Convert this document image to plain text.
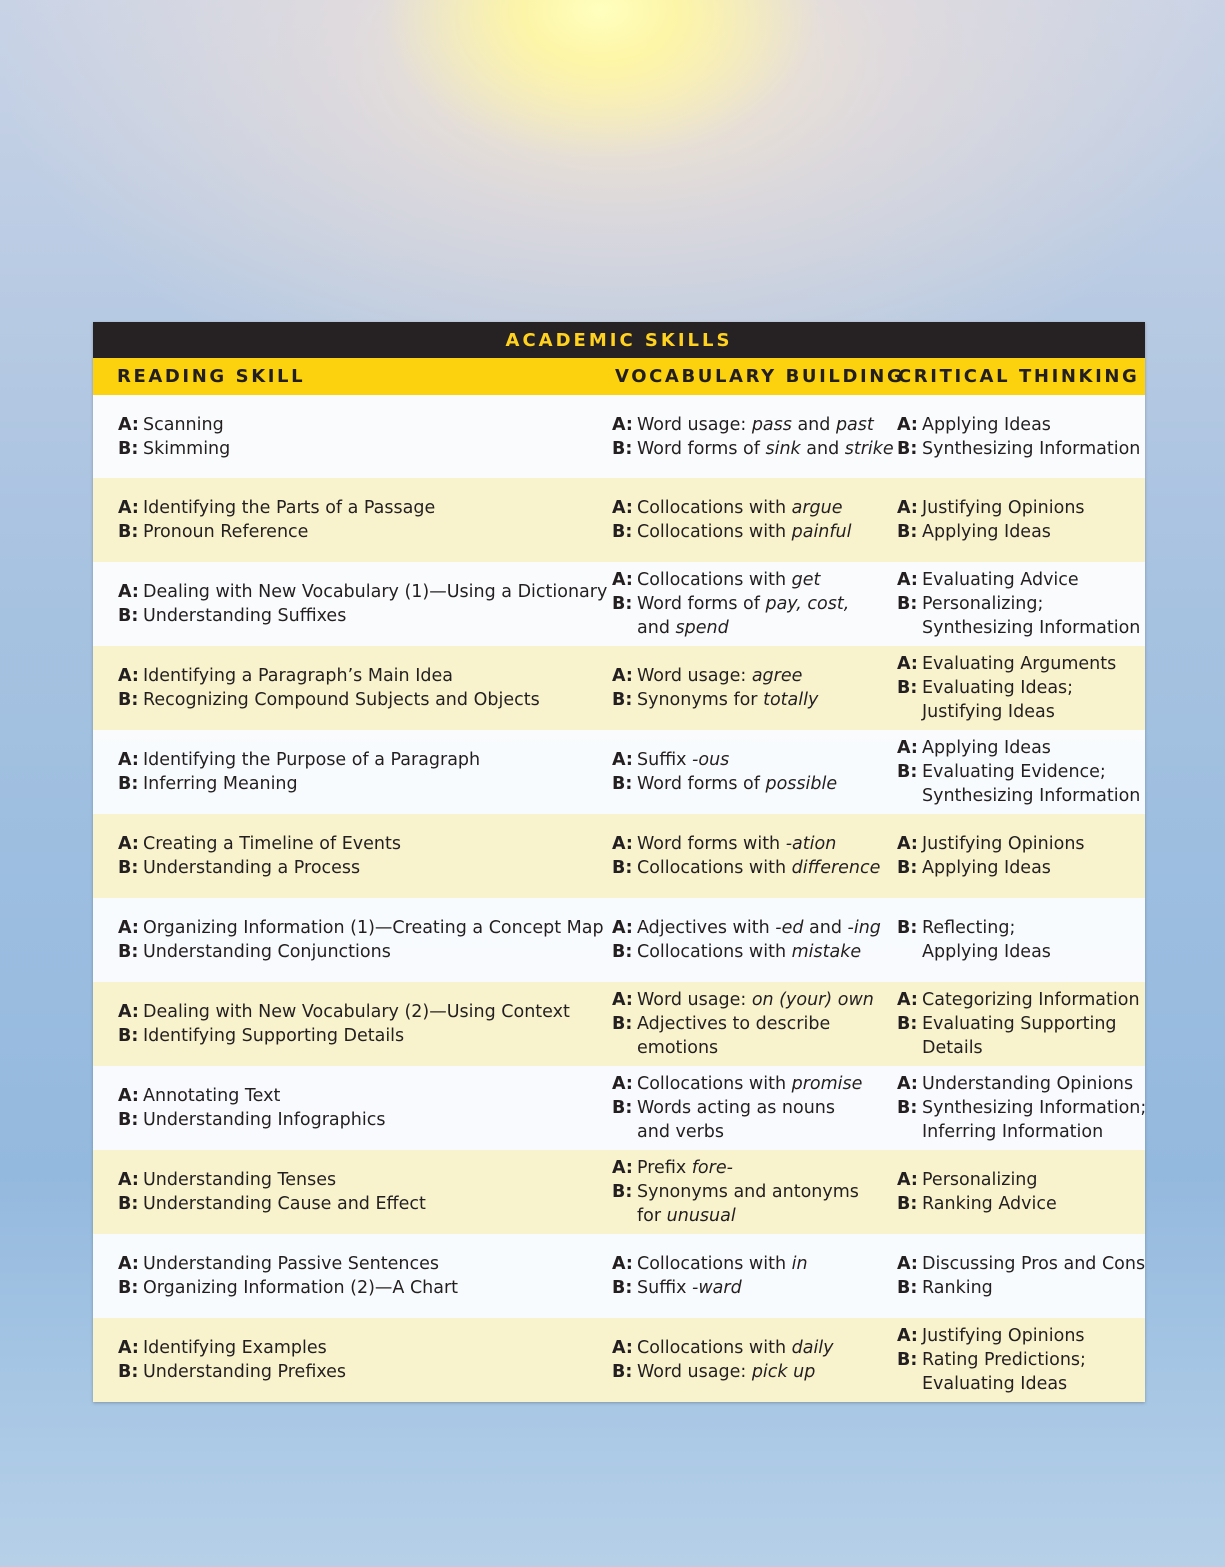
ACADEMIC SKILLS
READING SKILL	VOCABULARY BUILDING
CRITICAL THINKING
A: Scanning
B: Skimming
A: Word usage: pass and past
B: Word forms of sink and strike
A: Applying Ideas
B: Synthesizing Information
A: Identifying the Parts of a Passage
B: Pronoun Reference
A: Collocations with argue
B: Collocations with painful
A: Justifying Opinions
B: Applying Ideas
A: Dealing with New Vocabulary (1)—Using a Dictionary
B: Understanding Suffixes
A: Collocations with get
B: Word forms of pay, cost,
and spend
A: Evaluating Advice
B: Personalizing;
Synthesizing Information
A: Identifying a Paragraph’s Main Idea
B: Recognizing Compound Subjects and Objects
A: Word usage: agree
B: Synonyms for totally
A: Evaluating Arguments
B: Evaluating Ideas;
Justifying Ideas
A: Identifying the Purpose of a Paragraph
B: Inferring Meaning
A: Suffix -ous
B: Word forms of possible
A: Applying Ideas
B: Evaluating Evidence;
Synthesizing Information
A: Creating a Timeline of Events
B: Understanding a Process
A: Word forms with -ation
B: Collocations with difference
A: Justifying Opinions
B: Applying Ideas
A: Organizing Information (1)—Creating a Concept Map
B: Understanding Conjunctions
A: Adjectives with -ed and -ing
B: Collocations with mistake
B: Reflecting;
Applying Ideas
A: Dealing with New Vocabulary (2)—Using Context
B: Identifying Supporting Details
A: Word usage: on (your) own
B: Adjectives to describe
emotions
A: Categorizing Information
B: Evaluating Supporting
Details
A: Annotating Text
B: Understanding Infographics
A: Collocations with promise
B: Words acting as nouns
and verbs
A: Understanding Opinions
B: Synthesizing Information;
Inferring Information
A: Understanding Tenses
B: Understanding Cause and Effect
A: Prefix fore-
B: Synonyms and antonyms
for unusual
A: Personalizing
B: Ranking Advice
A: Understanding Passive Sentences
B: Organizing Information (2)—A Chart
A: Collocations with in
B: Suffix -ward
A: Discussing Pros and Cons
B: Ranking
A: Identifying Examples
B: Understanding Prefixes
A: Collocations with daily
B: Word usage: pick up
A: Justifying Opinions
B: Rating Predictions;
Evaluating Ideas
